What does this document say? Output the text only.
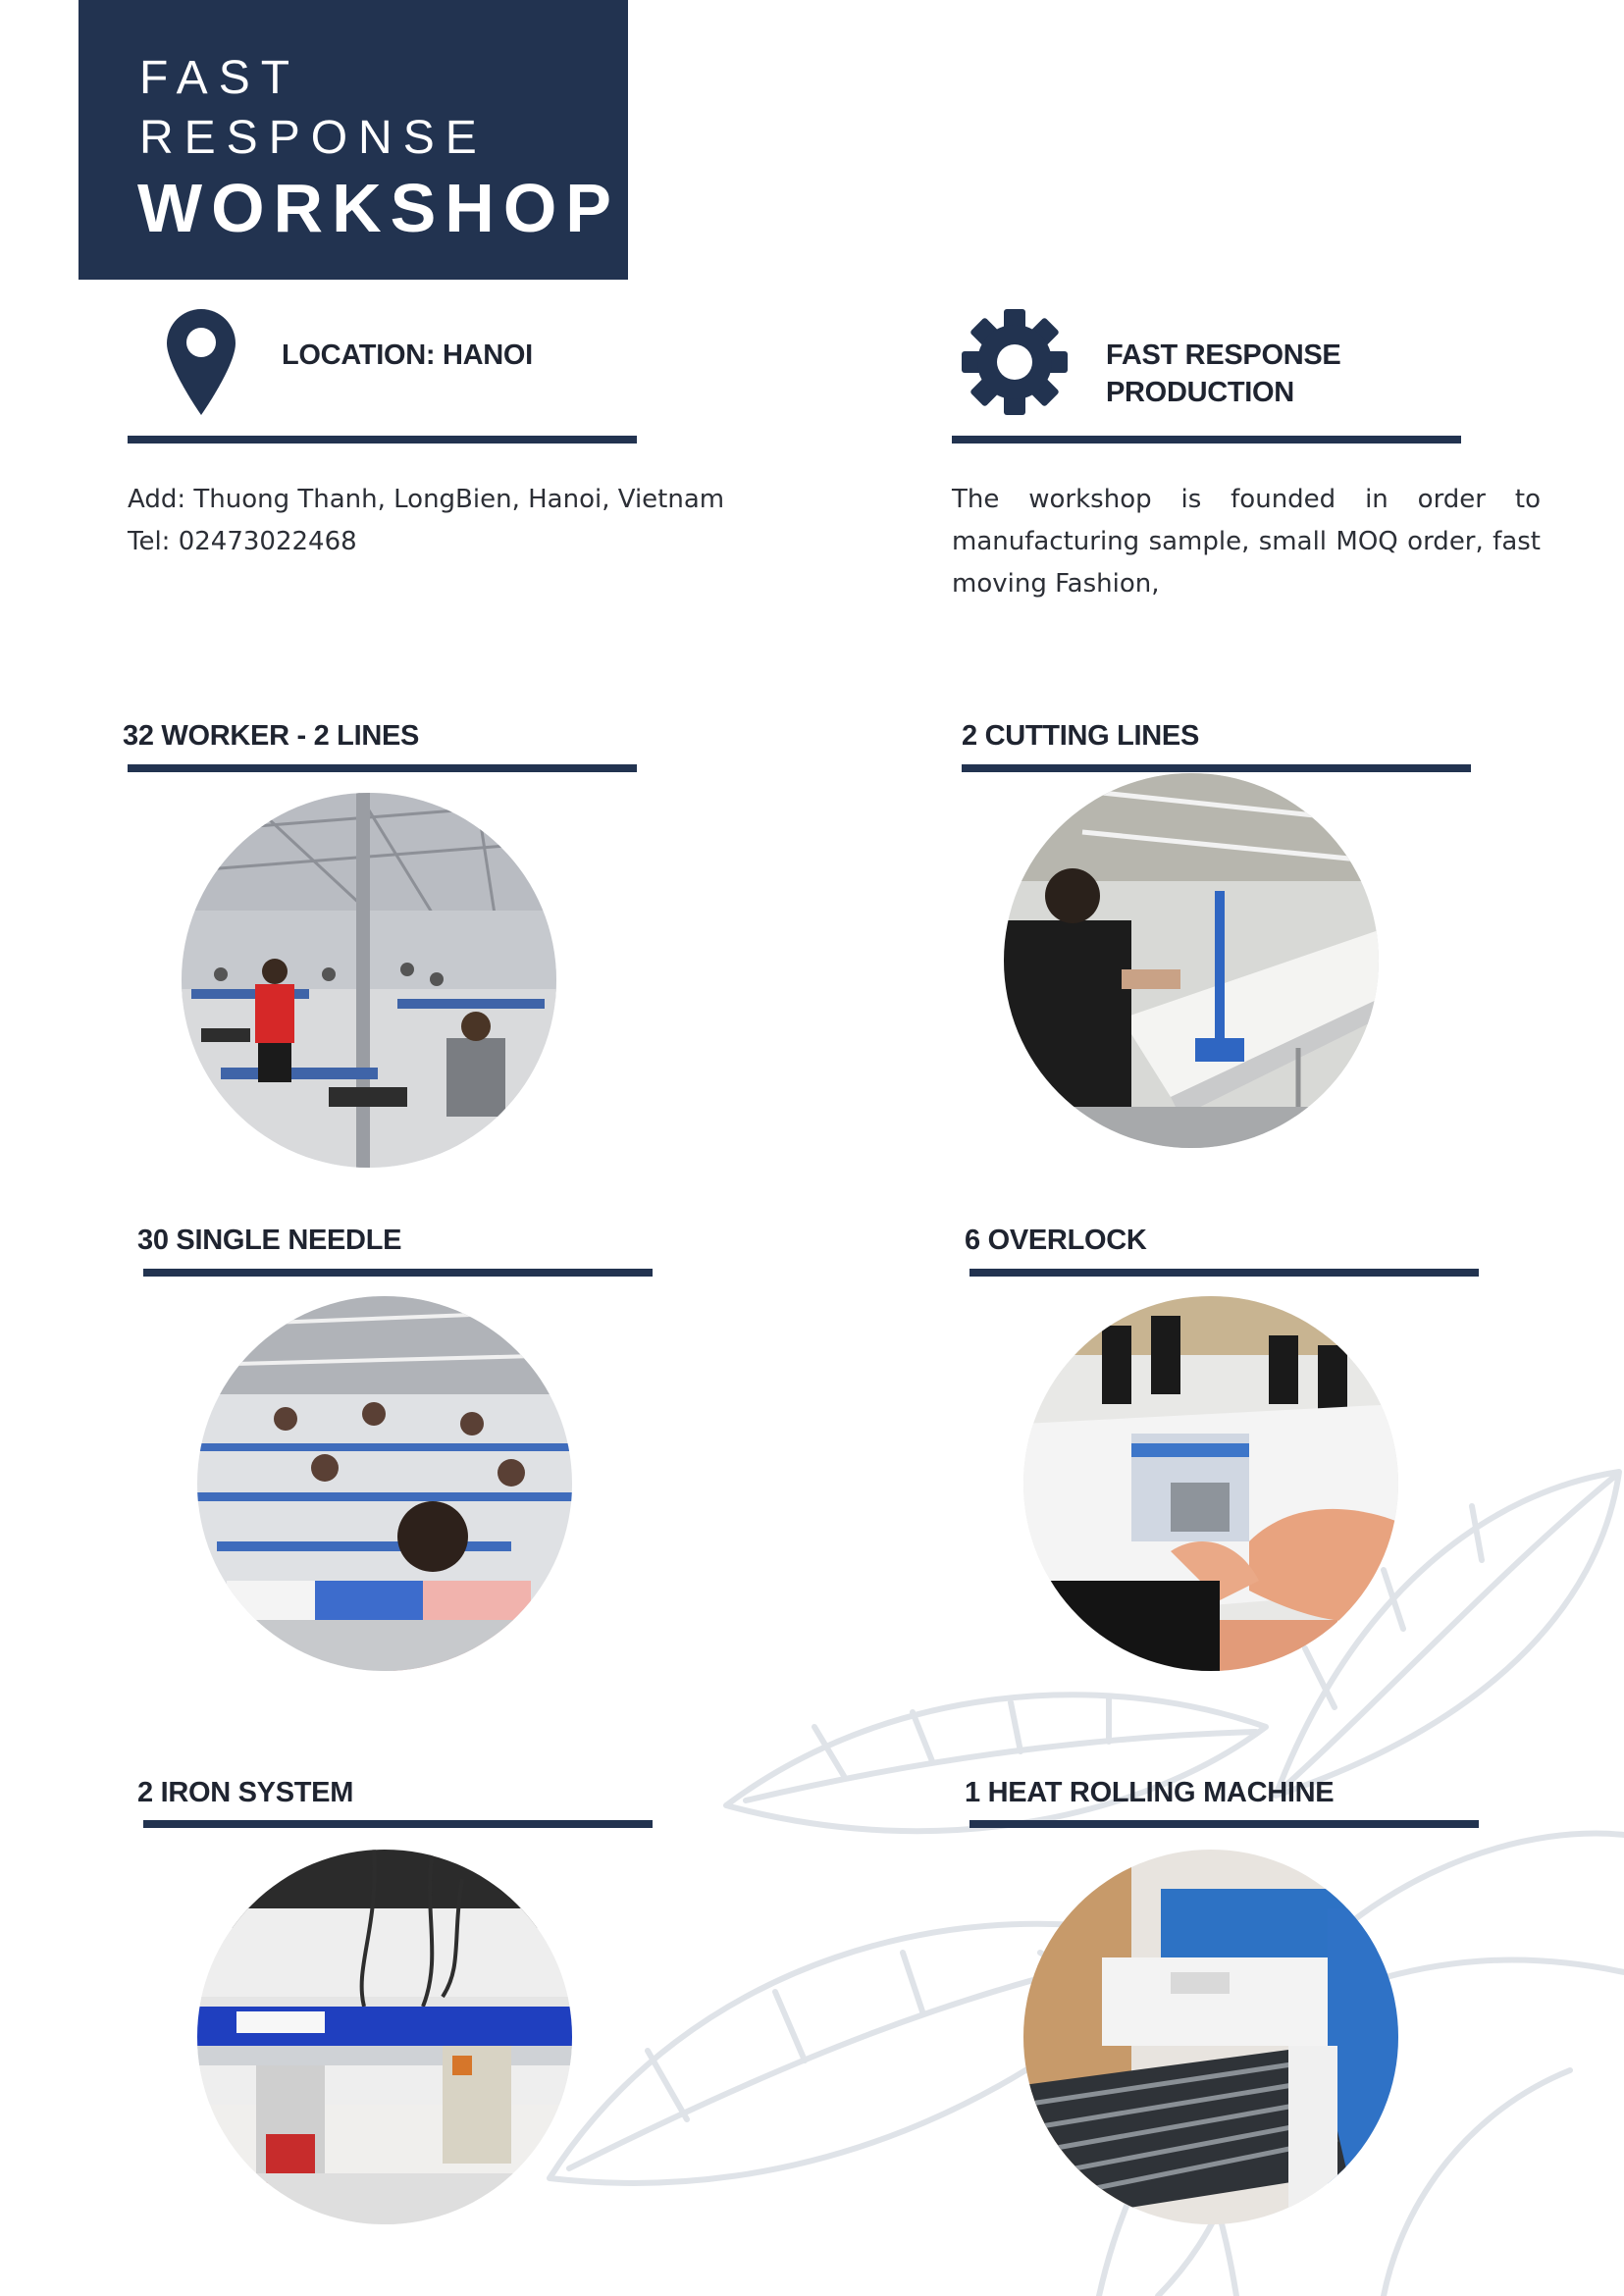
FAST
RESPONSE
WORKSHOP
LOCATION: HANOI
Add: Thuong Thanh, LongBien, Hanoi, Vietnam
Tel: 02473022468
FAST RESPONSE
PRODUCTION
The workshop is founded in order to manufacturing sample, small MOQ order, fast moving Fashion,
32 WORKER - 2 LINES	2 CUTTING LINES
30 SINGLE NEEDLE	6 OVERLOCK
2 IRON SYSTEM	1 HEAT ROLLING MACHINE
